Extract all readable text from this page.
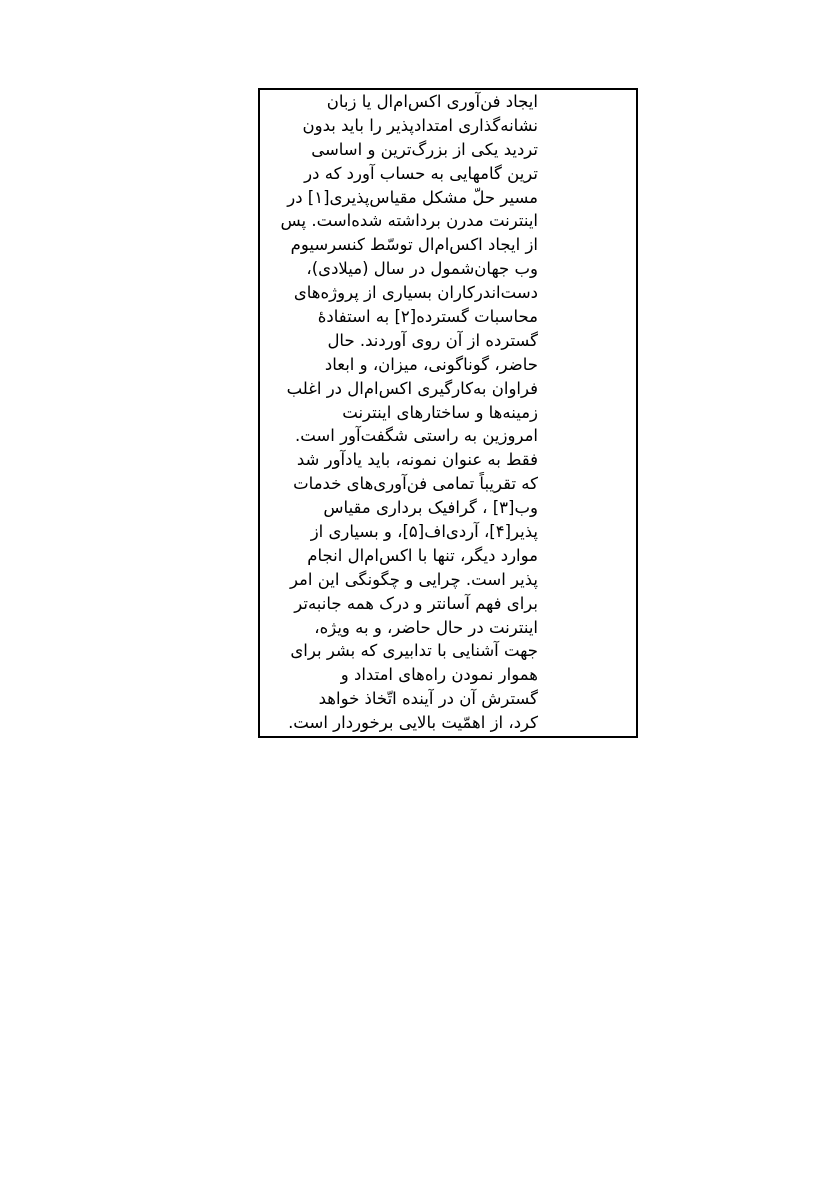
ایجاد فن‌آوری اکس‌ام‌ال یا زبان
نشانه‌گذاری امتدادپذیر را باید بدون
تردید یکی از بزرگ‌ترین و اساسی
ترین گامهایی به حساب آورد که در
مسیر حلّ مشکل مقیاس‌پذیری[۱] در
اینترنت مدرن برداشته شده‌است. پس
از ایجاد اکس‌ام‌ال توسّط کنسرسیوم
وب جهان‌شمول در سال (میلادی)،
دست‌اندرکاران بسیاری از پروژه‌های
محاسبات گسترده[۲] به استفادهٔ
گسترده از آن روی آوردند. حال
حاضر، گوناگونی، میزان، و ابعاد
فراوان به‌کارگیری اکس‌ام‌ال در اغلب
زمینه‌ها و ساختارهای اینترنت
امروزین به راستی شگفت‌آور است.
فقط به عنوان نمونه، باید یادآور شد
که تقریباً تمامی فن‌آوری‌های خدمات
وب[۳] ، گرافیک برداری مقیاس
پذیر[۴]، آردی‌اف[۵]، و بسیاری از
موارد دیگر، تنها با اکس‌ام‌ال انجام
پذیر است. چرایی و چگونگی این امر
برای فهم آسانتر و درک همه جانبه‌تر
اینترنت در حال حاضر، و به ویژه،
جهت آشنایی با تدابیری که بشر برای
هموار نمودن راه‌های امتداد و
گسترش آن در آینده اتّخاذ خواهد
کرد، از اهمّیت بالایی برخوردار است.
